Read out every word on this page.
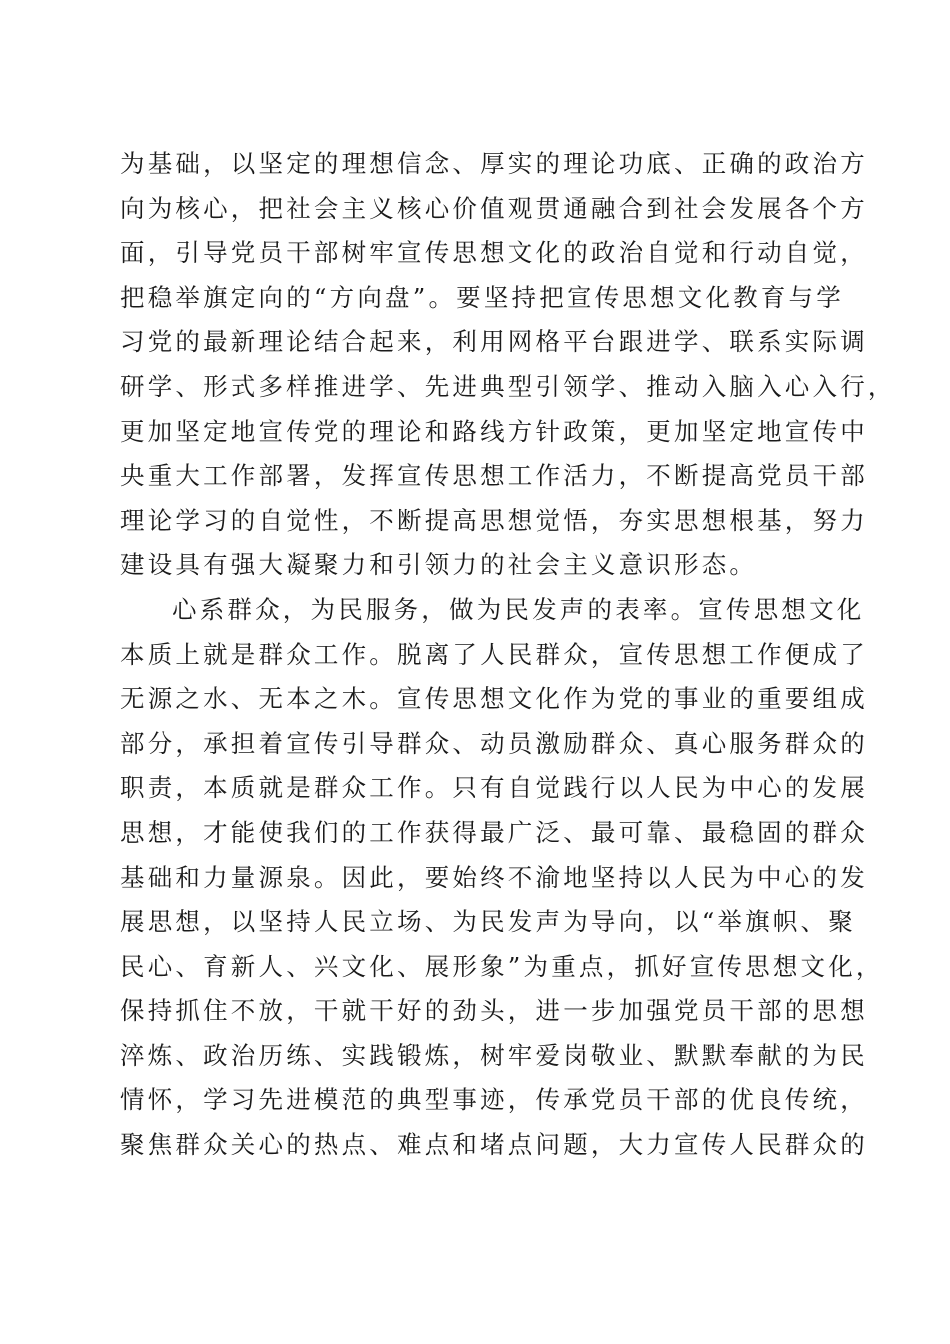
为基础，以坚定的理想信念、厚实的理论功底、正确的政治方
向为核心，把社会主义核心价值观贯通融合到社会发展各个方
面，引导党员干部树牢宣传思想文化的政治自觉和行动自觉，
把稳举旗定向的“方向盘”。要坚持把宣传思想文化教育与学
习党的最新理论结合起来，利用网格平台跟进学、联系实际调
研学、形式多样推进学、先进典型引领学、推动入脑入心入行，
更加坚定地宣传党的理论和路线方针政策，更加坚定地宣传中
央重大工作部署，发挥宣传思想工作活力，不断提高党员干部
理论学习的自觉性，不断提高思想觉悟，夯实思想根基，努力
建设具有强大凝聚力和引领力的社会主义意识形态。
心系群众，为民服务，做为民发声的表率。宣传思想文化
本质上就是群众工作。脱离了人民群众，宣传思想工作便成了
无源之水、无本之木。宣传思想文化作为党的事业的重要组成
部分，承担着宣传引导群众、动员激励群众、真心服务群众的
职责，本质就是群众工作。只有自觉践行以人民为中心的发展
思想，才能使我们的工作获得最广泛、最可靠、最稳固的群众
基础和力量源泉。因此，要始终不渝地坚持以人民为中心的发
展思想，以坚持人民立场、为民发声为导向，以“举旗帜、聚
民心、育新人、兴文化、展形象”为重点，抓好宣传思想文化，
保持抓住不放，干就干好的劲头，进一步加强党员干部的思想
淬炼、政治历练、实践锻炼，树牢爱岗敬业、默默奉献的为民
情怀，学习先进模范的典型事迹，传承党员干部的优良传统，
聚焦群众关心的热点、难点和堵点问题，大力宣传人民群众的
